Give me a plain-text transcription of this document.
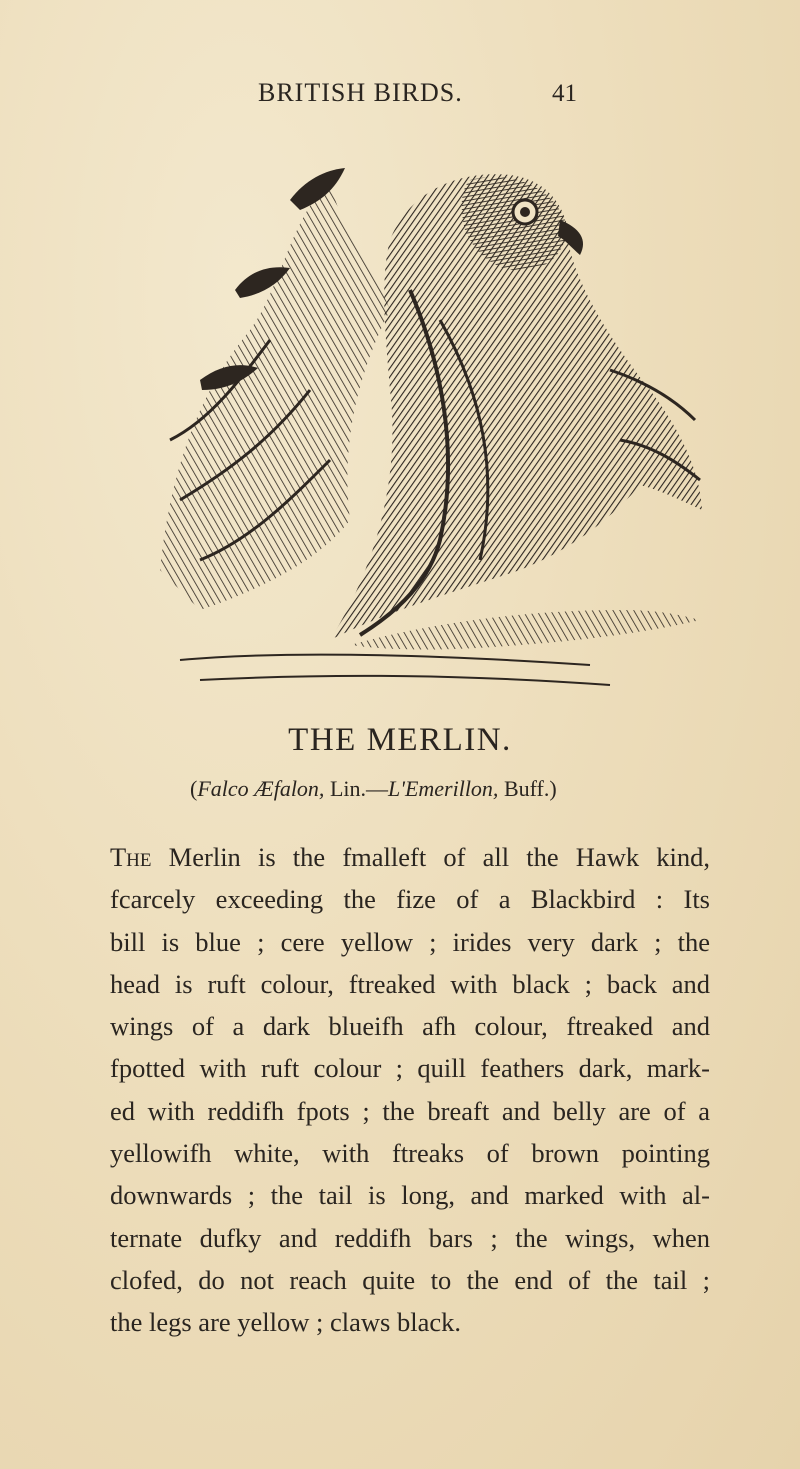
BRITISH BIRDS.	41
THE MERLIN.
(Falco Æfalon, Lin.—L'Emerillon, Buff.)
The Merlin is the fmalleft of all the Hawk kind,
fcarcely exceeding the fize of a Blackbird : Its
bill is blue ; cere yellow ; irides very dark ; the
head is ruft colour, ftreaked with black ; back and
wings of a dark blueifh afh colour, ftreaked and
fpotted with ruft colour ; quill feathers dark, mark-
ed with reddifh fpots ; the breaft and belly are of a
yellowifh white, with ftreaks of brown pointing
downwards ; the tail is long, and marked with al-
ternate dufky and reddifh bars ; the wings, when
clofed, do not reach quite to the end of the tail ;
the legs are yellow ; claws black.
